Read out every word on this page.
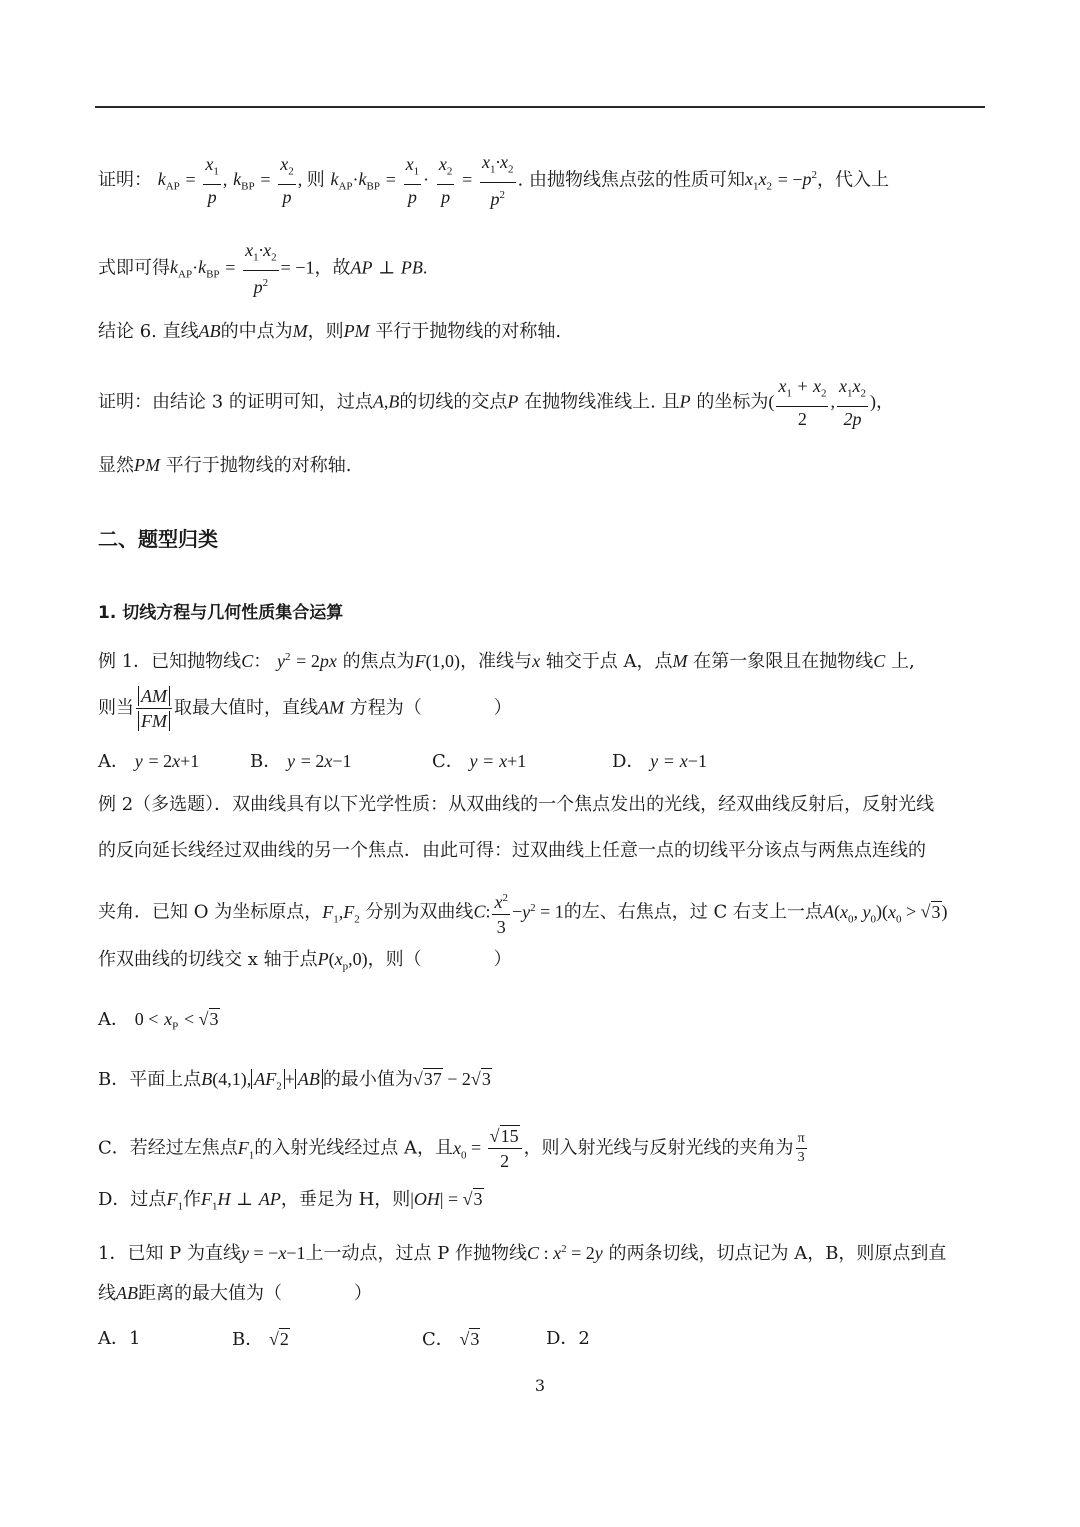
证明： $k_{AP} = \frac{x_1}{p}$ , $k_{BP} = \frac{x_2}{p}$ , 则 $k_{AP}\cdot k_{BP} = \frac{x_1}{p} \cdot \frac{x_2}{p} = \frac{x_1\cdot x_2}{p^2}$ . 由抛物线焦点弦的性质可知$x_1x_2 = -p^2$，代入上
式即可得$k_{AP}\cdot k_{BP} = \frac{x_1\cdot x_2}{p^2} = -1$，故AP ⊥ PB.
结论 6. 直线AB的中点为M，则PM 平行于抛物线的对称轴.
证明：由结论 3 的证明可知，过点A,B的切线的交点P 在抛物线准线上. 且P 的坐标为( $\frac{x_1 + x_2}{2}$ , $\frac{x_1x_2}{2p}$ )，
显然PM 平行于抛物线的对称轴.
二、题型归类
1. 切线方程与几何性质集合运算
例 1．已知抛物线C： $y^2 = 2px$ 的焦点为F(1,0)，准线与x 轴交于点 A，点M 在第一象限且在抛物线C 上,
则当 $\frac{AM}{FM}$ 取最大值时，直线AM 方程为（　　　　）
A． y = 2x+1	B． y = 2x−1	C． y = x+1	D． y = x−1
例 2（多选题）．双曲线具有以下光学性质：从双曲线的一个焦点发出的光线，经双曲线反射后，反射光线
的反向延长线经过双曲线的另一个焦点．由此可得：过双曲线上任意一点的切线平分该点与两焦点连线的
夹角．已知 O 为坐标原点，$F_1,F_2$ 分别为双曲线C: $\frac{x^2}{3} -y^2 = 1$的左、右焦点，过 C 右支上一点$A(x_0$, $y_0)(x_0 > √3)$
作双曲线的切线交 x 轴于点$P(x_p,0)$，则（　　　　）
A． $0 < x_P < √3$
B．平面上点B(4,1), $AF_2$ + AB 的最小值为√37 − 2√3
C．若经过左焦点$F_1$的入射光线经过点 A，且$x_0 = \frac{√15}{2}$ ，则入射光线与反射光线的夹角为 $\frac{\pi}{3}$
D．过点$F_1$作$F_1H$ ⊥ AP，垂足为 H，则|OH| = √3
1．已知 P 为直线y = −x−1上一动点，过点 P 作抛物线C : $x^2 = 2y$ 的两条切线，切点记为 A，B，则原点到直
线AB距离的最大值为（　　　　）
A．1	B． √2	C． √3	D．2
3
